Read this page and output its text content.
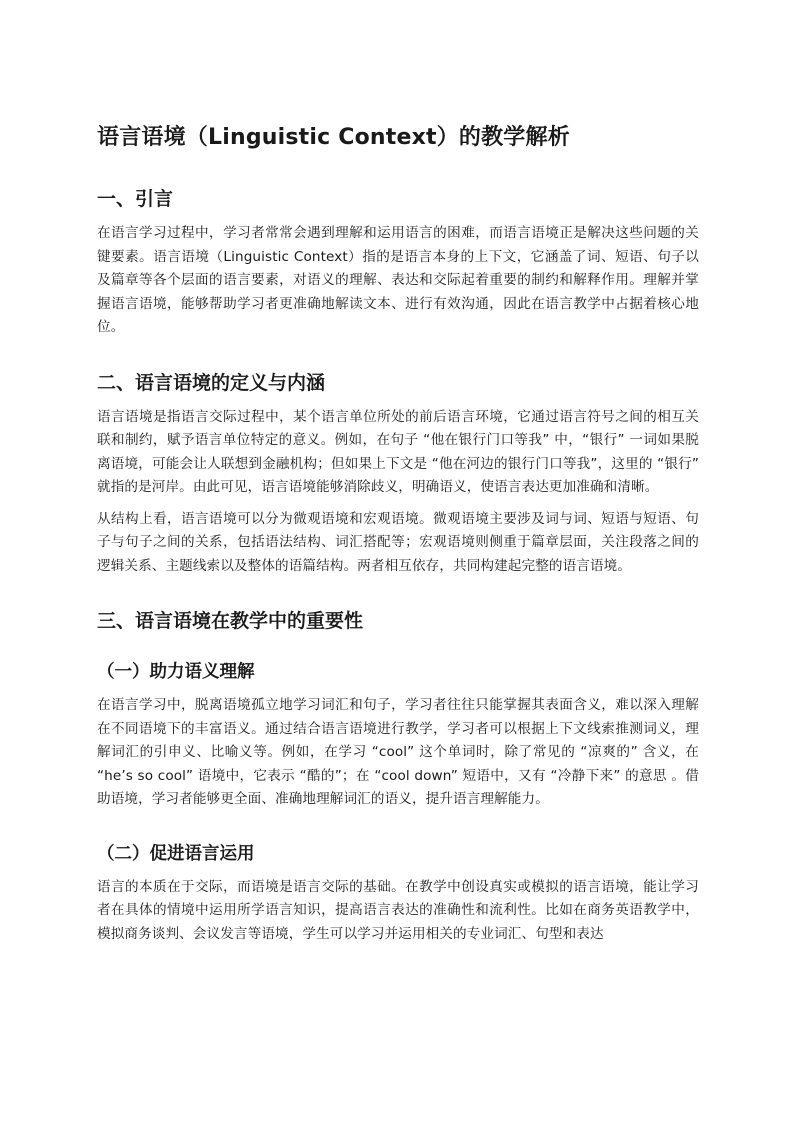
语言语境（Linguistic Context）的教学解析
一、引言

在语言学习过程中，学习者常常会遇到理解和运用语言的困难，而语言语境正是解决这些问题的关键要素。语言语境（Linguistic Context）指的是语言本身的上下文，它涵盖了词、短语、句子以及篇章等各个层面的语言要素，对语义的理解、表达和交际起着重要的制约和解释作用。理解并掌握语言语境，能够帮助学习者更准确地解读文本、进行有效沟通，因此在语言教学中占据着核心地位。

二、语言语境的定义与内涵

语言语境是指语言交际过程中，某个语言单位所处的前后语言环境，它通过语言符号之间的相互关联和制约，赋予语言单位特定的意义。例如，在句子 “他在银行门口等我” 中，“银行” 一词如果脱离语境，可能会让人联想到金融机构；但如果上下文是 “他在河边的银行门口等我”，这里的 “银行” 就指的是河岸。由此可见，语言语境能够消除歧义，明确语义，使语言表达更加准确和清晰。

从结构上看，语言语境可以分为微观语境和宏观语境。微观语境主要涉及词与词、短语与短语、句子与句子之间的关系，包括语法结构、词汇搭配等；宏观语境则侧重于篇章层面，关注段落之间的逻辑关系、主题线索以及整体的语篇结构。两者相互依存，共同构建起完整的语言语境。

三、语言语境在教学中的重要性
（一）助力语义理解

在语言学习中，脱离语境孤立地学习词汇和句子，学习者往往只能掌握其表面含义，难以深入理解在不同语境下的丰富语义。通过结合语言语境进行教学，学习者可以根据上下文线索推测词义，理解词汇的引申义、比喻义等。例如，在学习 “cool” 这个单词时，除了常见的 “凉爽的” 含义，在 “he’s so cool” 语境中，它表示 “酷的”；在 “cool down” 短语中，又有 “冷静下来” 的意思 。借助语境，学习者能够更全面、准确地理解词汇的语义，提升语言理解能力。

（二）促进语言运用

语言的本质在于交际，而语境是语言交际的基础。在教学中创设真实或模拟的语言语境，能让学习者在具体的情境中运用所学语言知识，提高语言表达的准确性和流利性。比如在商务英语教学中，模拟商务谈判、会议发言等语境，学生可以学习并运用相关的专业词汇、句型和表达
